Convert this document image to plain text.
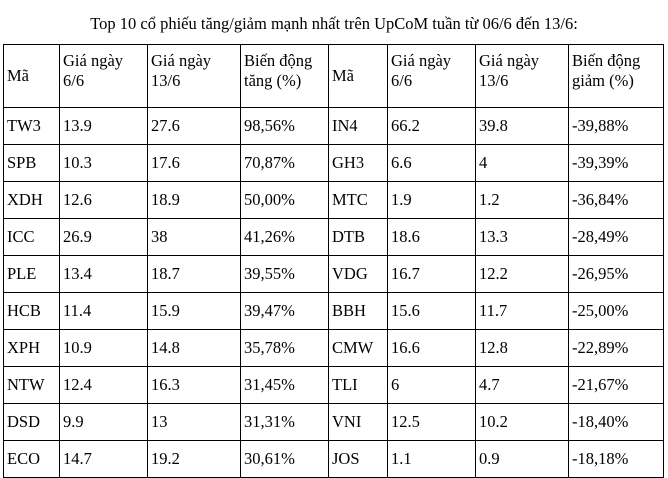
Top 10 cổ phiếu tăng/giảm mạnh nhất trên UpCoM tuần từ 06/6 đến 13/6:
Mã	Giá ngày 6/6	Giá ngày 13/6	Biến động tăng (%)	Mã	Giá ngày 6/6	Giá ngày 13/6	Biến động giảm (%)
TW3	13.9	27.6	98,56%	IN4	66.2	39.8	-39,88%
SPB	10.3	17.6	70,87%	GH3	6.6	4	-39,39%
XDH	12.6	18.9	50,00%	MTC	1.9	1.2	-36,84%
ICC	26.9	38	41,26%	DTB	18.6	13.3	-28,49%
PLE	13.4	18.7	39,55%	VDG	16.7	12.2	-26,95%
HCB	11.4	15.9	39,47%	BBH	15.6	11.7	-25,00%
XPH	10.9	14.8	35,78%	CMW	16.6	12.8	-22,89%
NTW	12.4	16.3	31,45%	TLI	6	4.7	-21,67%
DSD	9.9	13	31,31%	VNI	12.5	10.2	-18,40%
ECO	14.7	19.2	30,61%	JOS	1.1	0.9	-18,18%
